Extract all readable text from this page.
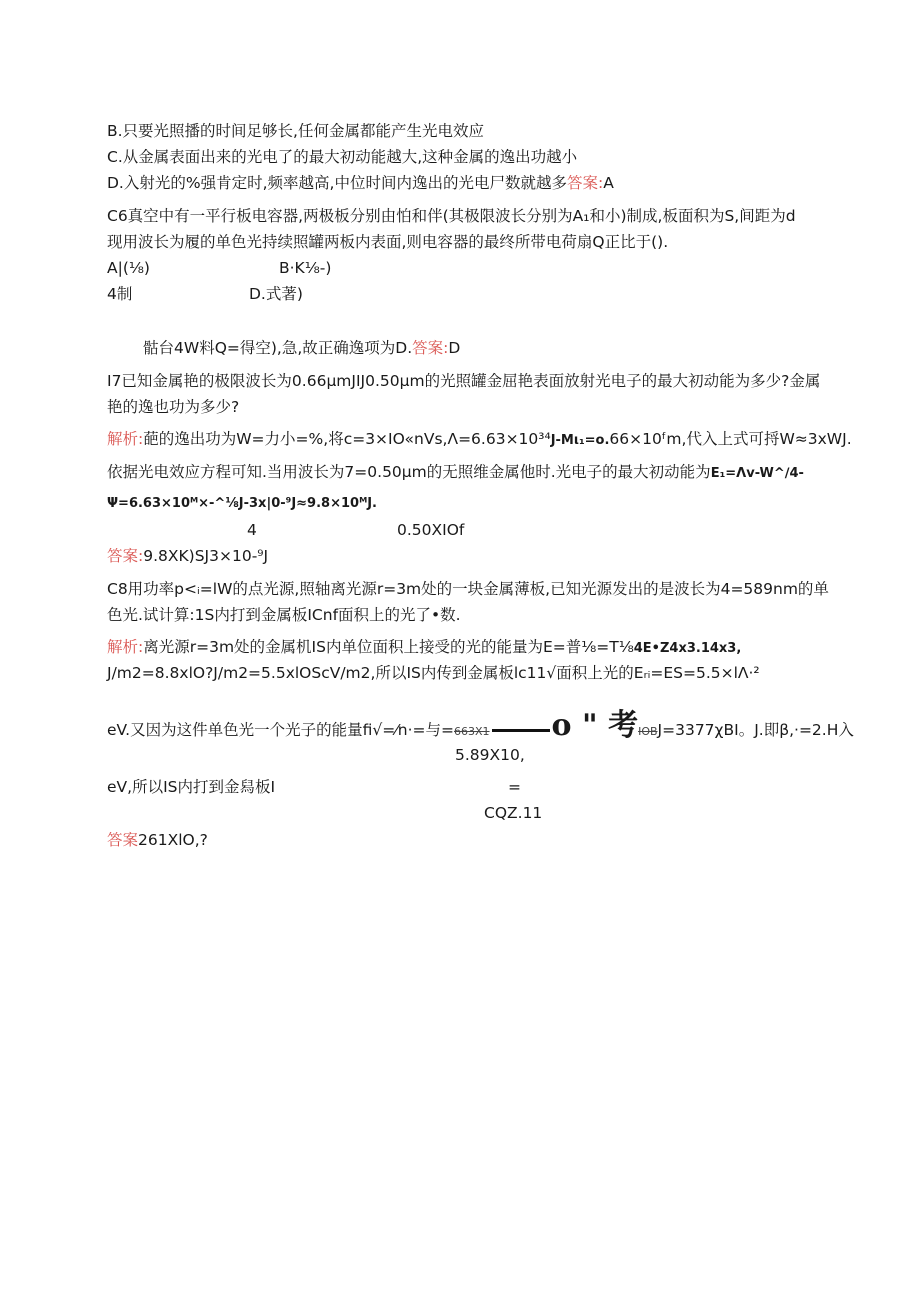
B.只要光照播的时间足够长,任何金属都能产生光电效应
C.从金属表面出来的光电了的最大初动能越大,这种金属的逸出功越小
D.入射光的%强肯定时,频率越高,中位时间内逸出的光电尸数就越多答案:A
C6真空中有一平行板电容器,两极板分别由怕和伴(其极限波长分别为A₁和小)制成,板面积为S,间距为d
现用波长为履的单色光持续照罐两板内表面,则电容器的最终所带电荷扇Q正比于().
A|(⅛)	B·K⅛-)
4制	D.式著)
骷台4W料Q=得空),急,故正确逸项为D.答案:D
I7已知金属艳的极限波长为0.66μmJIJ0.50μm的光照罐金屈艳表面放射光电子的最大初动能为多少?金属
艳的逸也功为多少?
解析:葩的逸出功为W=力小=%,将c=3×IO«nVs,Λ=6.63×10³⁴J-Mι₁=o.66×10ᶠm,代入上式可捋W≈3xWJ.
依据光电效应方程可知.当用波长为7=0.50μm的无照维金属他时.光电子的最大初动能为E₁=Λv-W^∕4-
Ψ=6.63×10ᴹ×-^⅛J-3x|0-⁹J≈9.8×10ᴹJ.
4	0.50XIOf
答案:9.8XK)SJ3×10-⁹J
C8用功率p<ᵢ=lW的点光源,照轴离光源r=3m处的一块金属薄板,已知光源发出的是波长为4=589nm的单
色光.试计算:1S内打到金属板ICnf面积上的光了•数.
解析:离光源r=3m处的金属机IS内单位面积上接受的光的能量为E=普⅛=T⅛4E•Z4x3.14x3,
J/m2=8.8xlO?J/m2=5.5xlOScV/m2,所以IS内传到金属板lc11√面积上光的Eᵣᵢ=ES=5.5×lΛ·²
eV.又因为这件单色光一个光子的能量fi√=⁄n·=与=663X1 o " 考IOBJ=3377χBI。J.即β,·=2.H入
5.89X10,
eV,所以IS内打到金舄板I	=
CQZ.11
答案261XlO,?
